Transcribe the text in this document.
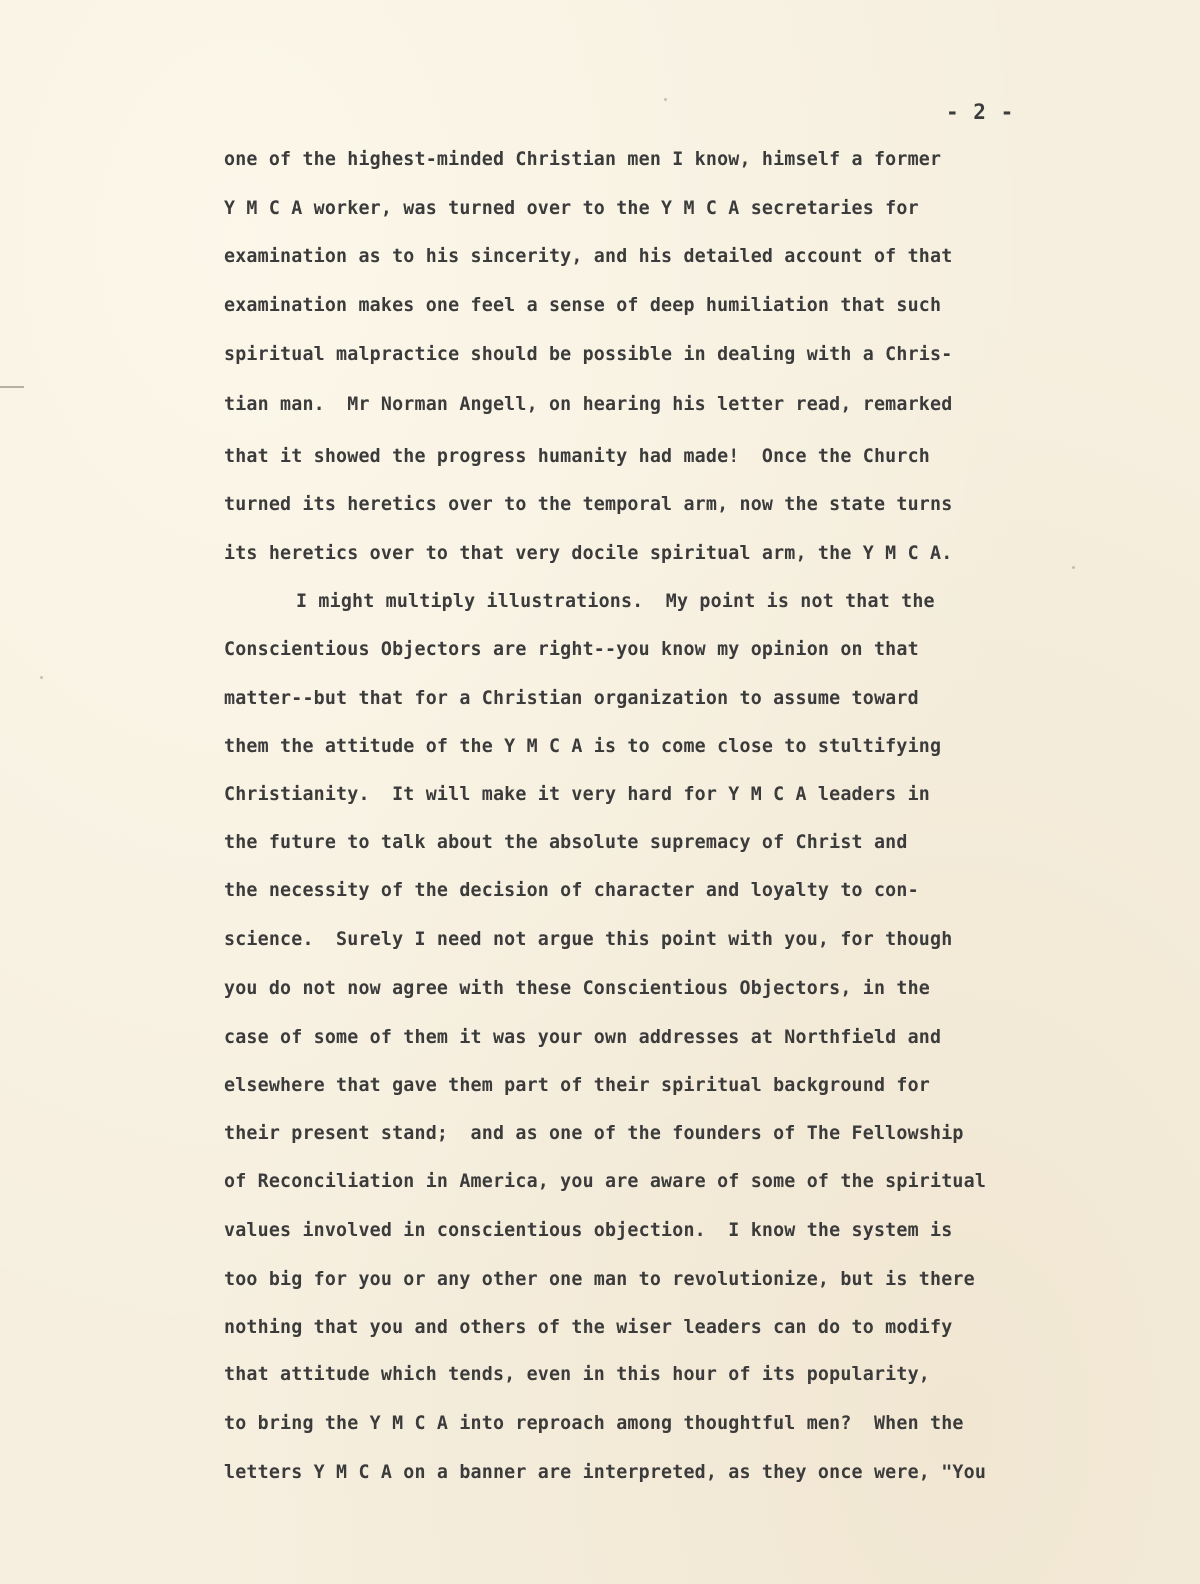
- 2 -
one of the highest-minded Christian men I know, himself a former
Y M C A worker, was turned over to the Y M C A secretaries for
examination as to his sincerity, and his detailed account of that
examination makes one feel a sense of deep humiliation that such
spiritual malpractice should be possible in dealing with a Chris-
tian man.  Mr Norman Angell, on hearing his letter read, remarked
that it showed the progress humanity had made!  Once the Church
turned its heretics over to the temporal arm, now the state turns
its heretics over to that very docile spiritual arm, the Y M C A.
I might multiply illustrations.  My point is not that the
Conscientious Objectors are right--you know my opinion on that
matter--but that for a Christian organization to assume toward
them the attitude of the Y M C A is to come close to stultifying
Christianity.  It will make it very hard for Y M C A leaders in
the future to talk about the absolute supremacy of Christ and
the necessity of the decision of character and loyalty to con-
science.  Surely I need not argue this point with you, for though
you do not now agree with these Conscientious Objectors, in the
case of some of them it was your own addresses at Northfield and
elsewhere that gave them part of their spiritual background for
their present stand;  and as one of the founders of The Fellowship
of Reconciliation in America, you are aware of some of the spiritual
values involved in conscientious objection.  I know the system is
too big for you or any other one man to revolutionize, but is there
nothing that you and others of the wiser leaders can do to modify
that attitude which tends, even in this hour of its popularity,
to bring the Y M C A into reproach among thoughtful men?  When the
letters Y M C A on a banner are interpreted, as they once were, "You
